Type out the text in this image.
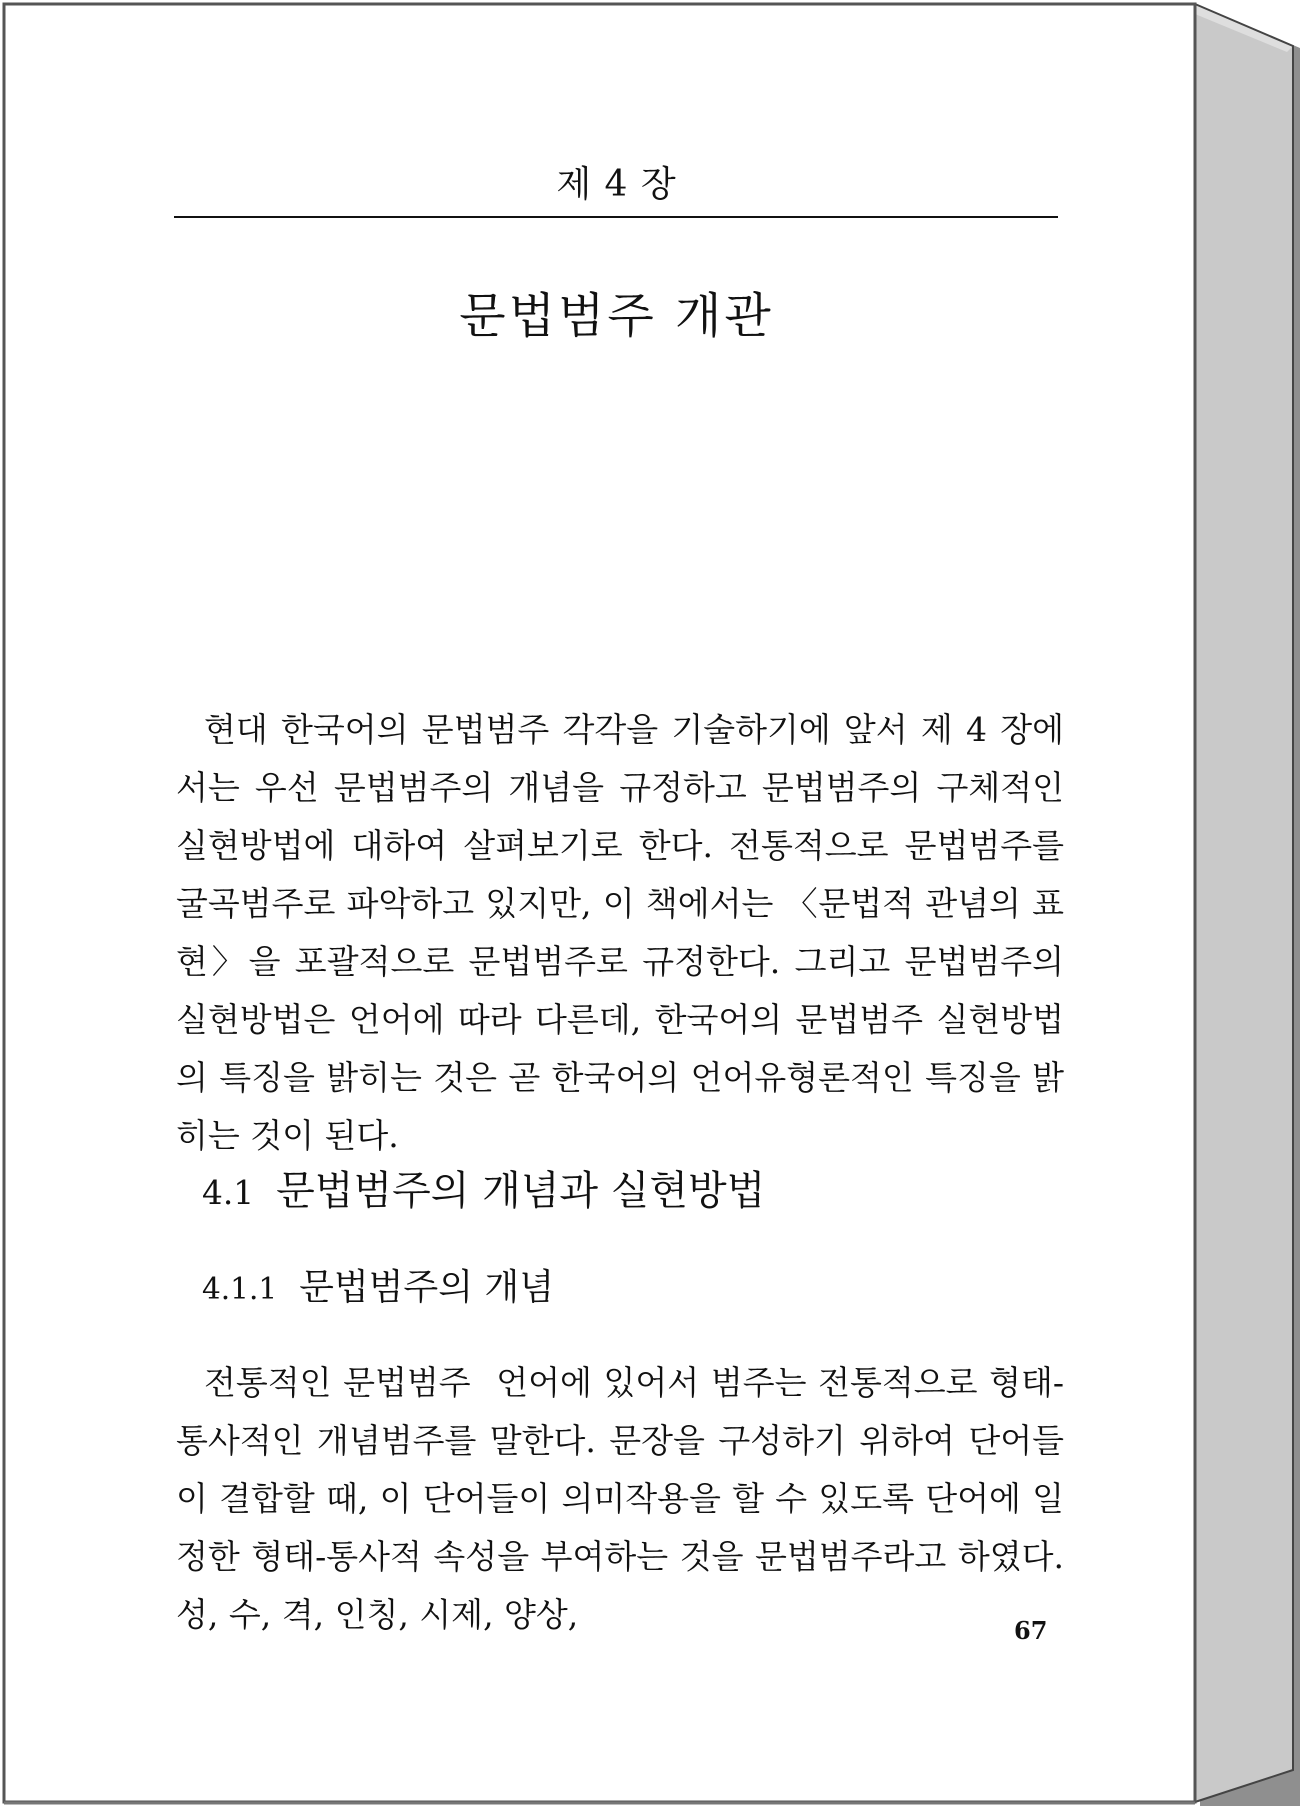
제 4 장
문법범주 개관

현대 한국어의 문법범주 각각을 기술하기에 앞서 제 4 장에서는 우선 문법범주의 개념을 규정하고 문법범주의 구체적인 실현방법에 대하여 살펴보기로 한다. 전통적으로 문법범주를 굴곡범주로 파악하고 있지만, 이 책에서는 〈문법적 관념의 표현〉을 포괄적으로 문법범주로 규정한다. 그리고 문법범주의 실현방법은 언어에 따라 다른데, 한국어의 문법범주 실현방법의 특징을 밝히는 것은 곧 한국어의 언어유형론적인 특징을 밝히는 것이 된다.

4.1 문법범주의 개념과 실현방법
4.1.1 문법범주의 개념

전통적인 문법범주 언어에 있어서 범주는 전통적으로 형태-통사적인 개념범주를 말한다. 문장을 구성하기 위하여 단어들이 결합할 때, 이 단어들이 의미작용을 할 수 있도록 단어에 일정한 형태-통사적 속성을 부여하는 것을 문법범주라고 하였다. 성, 수, 격, 인칭, 시제, 양상,	67
